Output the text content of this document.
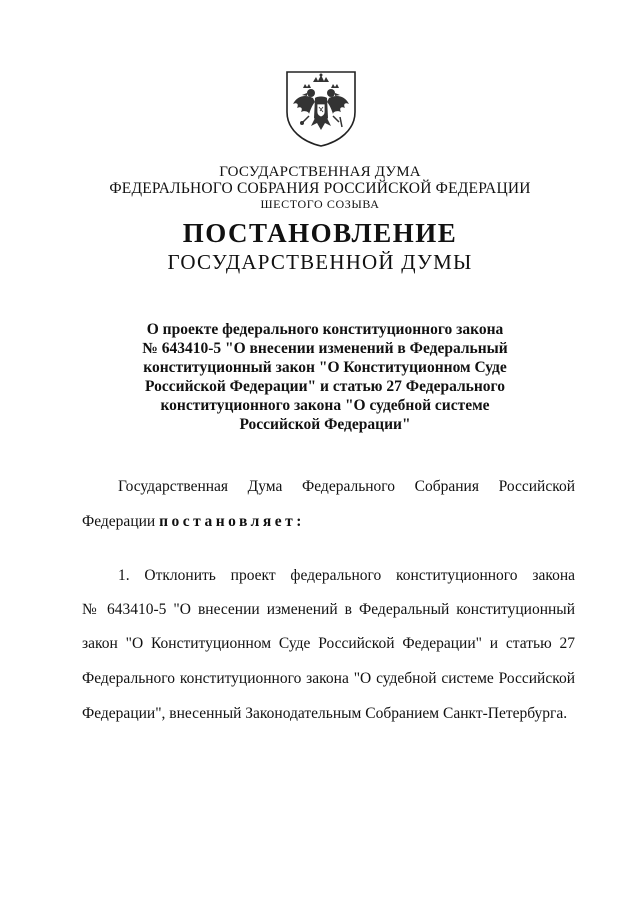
ГОСУДАРСТВЕННАЯ ДУМА
ФЕДЕРАЛЬНОГО СОБРАНИЯ РОССИЙСКОЙ ФЕДЕРАЦИИ
ШЕСТОГО СОЗЫВА
ПОСТАНОВЛЕНИЕ
ГОСУДАРСТВЕННОЙ ДУМЫ
О проекте федерального конституционного закона
№ 643410-5 "О внесении изменений в Федеральный
конституционный закон "О Конституционном Суде
Российской Федерации" и статью 27 Федерального
конституционного закона "О судебной системе
Российской Федерации"
Государственная Дума Федерального Собрания Российской
Федерации постановляет:
1. Отклонить проект федерального конституционного закона
№ 643410-5 "О внесении изменений в Федеральный конституционный
закон "О Конституционном Суде Российской Федерации" и статью 27
Федерального конституционного закона "О судебной системе Российской
Федерации", внесенный Законодательным Собранием Санкт-Петербурга.
